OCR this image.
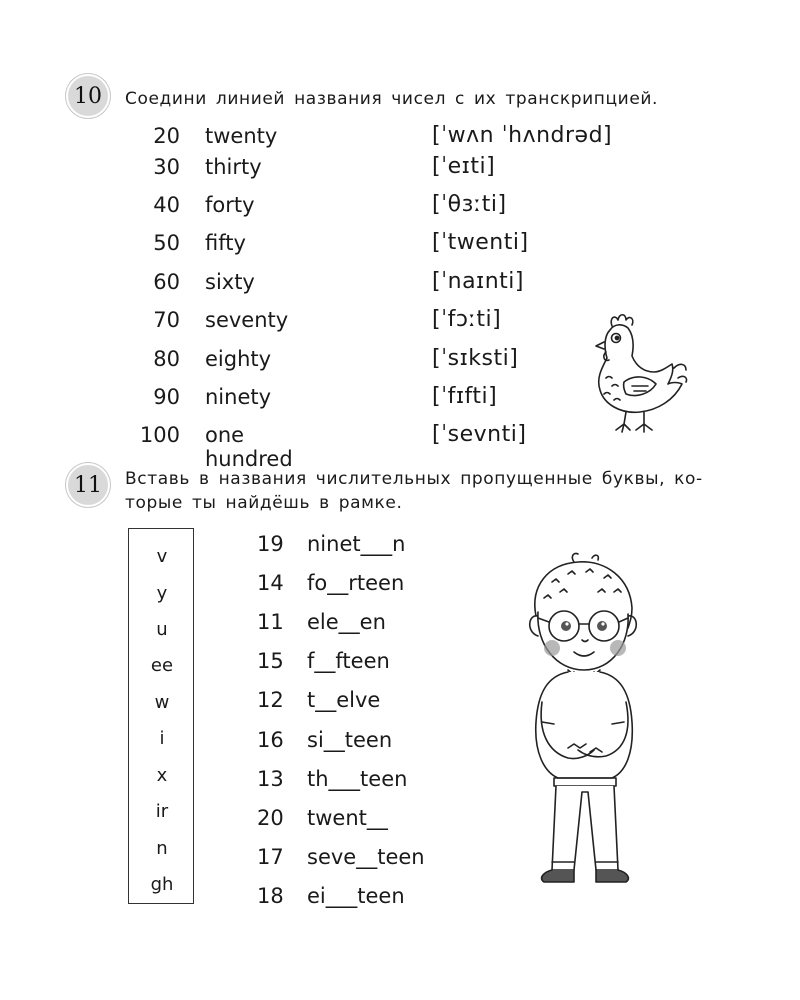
10	Соедини линией названия чисел с их транскрипцией.
20 twenty
30 thirty
40 forty
50 fifty
60 sixty
70 seventy
80 eighty
90 ninety
100 one hundred
[ˈwʌn ˈhʌndrəd]
[ˈeɪti]
[ˈθɜːti]
[ˈtwenti]
[ˈnaɪnti]
[ˈfɔːti]
[ˈsɪksti]
[ˈfɪfti]
[ˈsevnti]
11	Вставь в названия числительных пропущенные буквы, ко-
торые ты найдёшь в рамке.
v
y
u
ee
w
i
x
ir
n
gh
19 ninet___n
14 fo__rteen
11 ele__en
15 f__fteen
12 t__elve
16 si__teen
13 th___teen
20 twent__
17 seve__teen
18 ei___teen
